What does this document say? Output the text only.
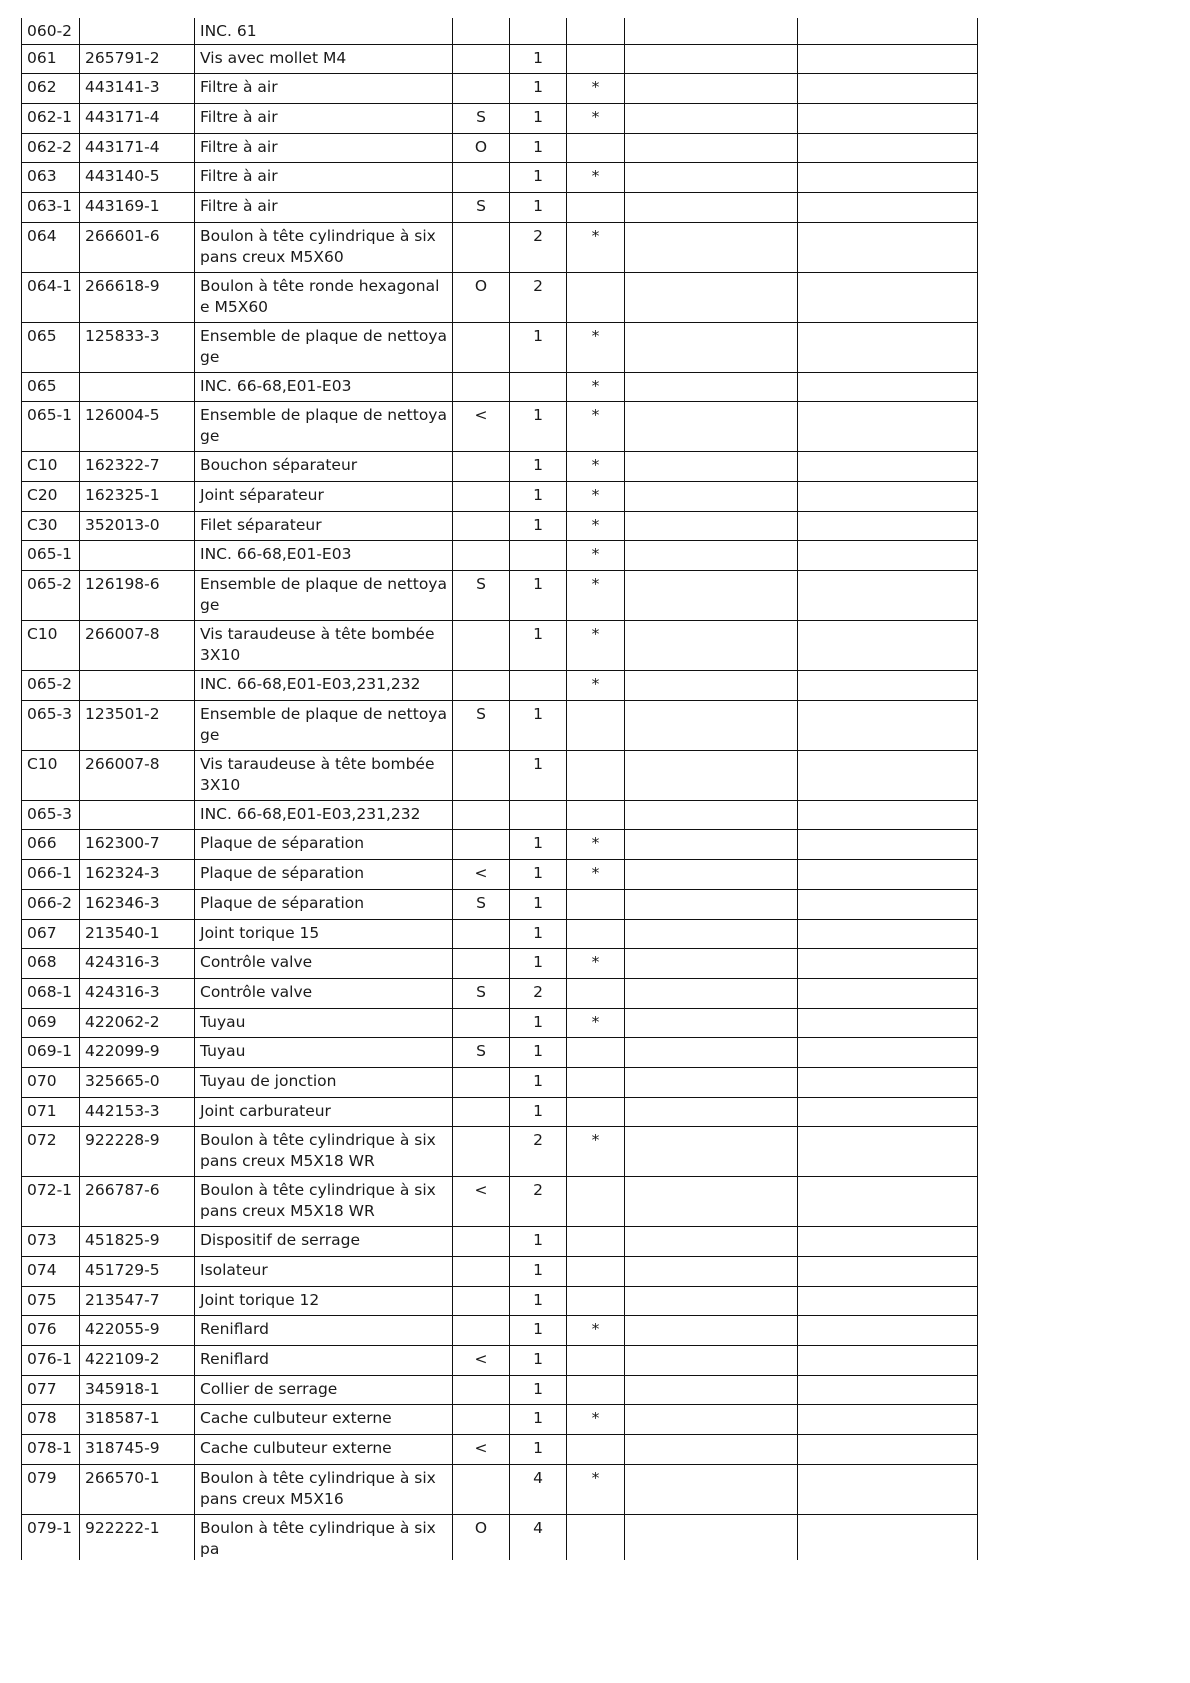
060-2		INC. 61					
061	265791-2	Vis avec mollet M4		1			
062	443141-3	Filtre à air		1	*		
062-1	443171-4	Filtre à air	S	1	*		
062-2	443171-4	Filtre à air	O	1			
063	443140-5	Filtre à air		1	*		
063-1	443169-1	Filtre à air	S	1			
064	266601-6	Boulon à tête cylindrique à six pans creux M5X60		2	*		
064-1	266618-9	Boulon à tête ronde hexagonale M5X60	O	2			
065	125833-3	Ensemble de plaque de nettoyage		1	*		
065		INC. 66-68,E01-E03			*		
065-1	126004-5	Ensemble de plaque de nettoyage	<	1	*		
C10	162322-7	Bouchon séparateur		1	*		
C20	162325-1	Joint séparateur		1	*		
C30	352013-0	Filet séparateur		1	*		
065-1		INC. 66-68,E01-E03			*		
065-2	126198-6	Ensemble de plaque de nettoyage	S	1	*		
C10	266007-8	Vis taraudeuse à tête bombée 3X10		1	*		
065-2		INC. 66-68,E01-E03,231,232			*		
065-3	123501-2	Ensemble de plaque de nettoyage	S	1			
C10	266007-8	Vis taraudeuse à tête bombée 3X10		1			
065-3		INC. 66-68,E01-E03,231,232					
066	162300-7	Plaque de séparation		1	*		
066-1	162324-3	Plaque de séparation	<	1	*		
066-2	162346-3	Plaque de séparation	S	1			
067	213540-1	Joint torique 15		1			
068	424316-3	Contrôle valve		1	*		
068-1	424316-3	Contrôle valve	S	2			
069	422062-2	Tuyau		1	*		
069-1	422099-9	Tuyau	S	1			
070	325665-0	Tuyau de jonction		1			
071	442153-3	Joint carburateur		1			
072	922228-9	Boulon à tête cylindrique à six pans creux M5X18 WR		2	*		
072-1	266787-6	Boulon à tête cylindrique à six pans creux M5X18 WR	<	2			
073	451825-9	Dispositif de serrage		1			
074	451729-5	Isolateur		1			
075	213547-7	Joint torique 12		1			
076	422055-9	Reniflard		1	*		
076-1	422109-2	Reniflard	<	1			
077	345918-1	Collier de serrage		1			
078	318587-1	Cache culbuteur externe		1	*		
078-1	318745-9	Cache culbuteur externe	<	1			
079	266570-1	Boulon à tête cylindrique à six pans creux M5X16		4	*		
079-1	922222-1	Boulon à tête cylindrique à six pa	O	4			
